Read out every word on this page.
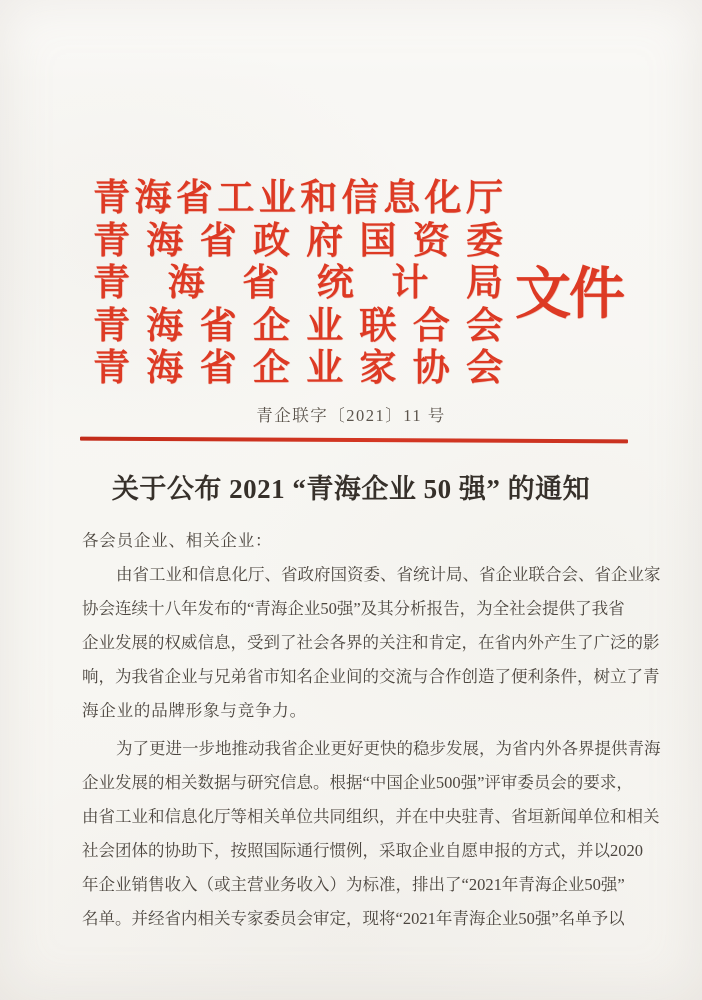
青 海 省 工 业 和 信 息 化 厅
青 海 省 政 府 国 资 委
青 海 省 统 计 局
青 海 省 企 业 联 合 会
青 海 省 企 业 家 协 会
文件
青企联字〔2021〕11 号
关于公布 2021 “青海企业 50 强” 的通知
各会员企业、相关企业：
由 省 工 业 和 信 息 化 厅 、 省 政 府 国 资 委 、 省 统 计 局 、 省 企 业 联 合 会 、 省 企 业 家
协 会 连 续 十 八 年 发 布 的 “ 青 海 企 业 50 强 ” 及 其 分 析 报 告 ， 为 全 社 会 提 供 了 我 省
企 业 发 展 的 权 威 信 息 ， 受 到 了 社 会 各 界 的 关 注 和 肯 定 ， 在 省 内 外 产 生 了 广 泛 的 影
响 ， 为 我 省 企 业 与 兄 弟 省 市 知 名 企 业 间 的 交 流 与 合 作 创 造 了 便 利 条 件 ， 树 立 了 青
海企业的品牌形象与竞争力。
为 了 更 进 一 步 地 推 动 我 省 企 业 更 好 更 快 的 稳 步 发 展 ， 为 省 内 外 各 界 提 供 青 海
企 业 发 展 的 相 关 数 据 与 研 究 信 息 。 根 据 “ 中 国 企 业 500 强 ” 评 审 委 员 会 的 要 求 ，
由 省 工 业 和 信 息 化 厅 等 相 关 单 位 共 同 组 织 ， 并 在 中 央 驻 青 、 省 垣 新 闻 单 位 和 相 关
社 会 团 体 的 协 助 下 ， 按 照 国 际 通 行 惯 例 ， 采 取 企 业 自 愿 申 报 的 方 式 ， 并 以 2020
年 企 业 销 售 收 入 （ 或 主 营 业 务 收 入 ） 为 标 准 ， 排 出 了 “ 2021 年 青 海 企 业 50 强 ”
名 单 。 并 经 省 内 相 关 专 家 委 员 会 审 定 ， 现 将 “ 2021 年 青 海 企 业 50 强 ” 名 单 予 以
